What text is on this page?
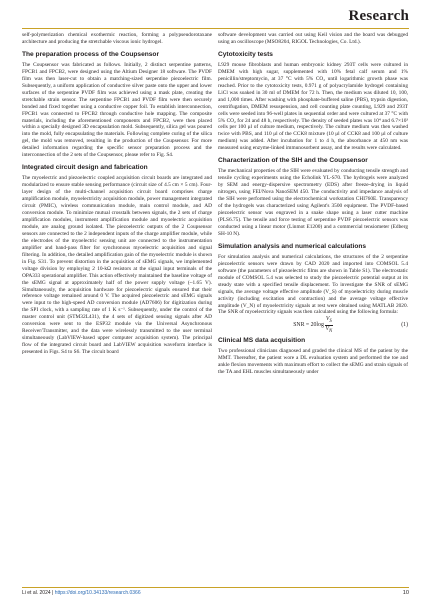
Research

self-polymerization chemical exothermic reaction, forming a polypseudorotaxane architecture and producing the stretchable viscous ionic hydrogel.

The preparation process of the Coupsensor

The Coupsensor was fabricated as follows. Initially, 2 distinct serpentine patterns, FPCB1 and FPCB2, were designed using the Altium Designer 18 software. The PVDF film was then laser-cut to obtain a matching-sized serpentine piezoelectric film. Subsequently, a uniform application of conductive silver paste onto the upper and lower surfaces of the serpentine PVDF film was achieved using a mask plate, creating the stretchable strain sensor. The serpentine FPCB1 and PVDF film were then securely bonded and fixed together using a conductive copper foil. To establish interconnection, FPCB1 was connected to FPCB2 through conductive hole mapping. The composite materials, including the aforementioned components and FPCB2, were then placed within a specially designed 3D encapsulation mold. Subsequently, silica gel was poured into the mold, fully encapsulating the materials. Following complete curing of the silica gel, the mold was removed, resulting in the production of the Coupsensor. For more detailed information regarding the specific sensor preparation process and the interconnection of the 2 sets of the Coupsensor, please refer to Fig. S4.

Integrated circuit design and fabrication

The myoelectric and piezoelectric coupled acquisition circuit boards are integrated and modularized to ensure stable sensing performance (circuit size of 4.5 cm × 5 cm). Four-layer design of the multi-channel acquisition circuit board comprises charge amplification module, myoelectricity acquisition module, power management integrated circuit (PMIC), wireless communication module, main control module, and AD conversion module. To minimize mutual crosstalk between signals, the 2 sets of charge amplification modules, instrument amplification module and myoelectric acquisition module, are analog ground isolated. The piezoelectric outputs of the 2 Coupsensor sensors are connected to the 2 independent inputs of the charge amplifier module, while the electrodes of the myoelectric sensing unit are connected to the instrumentation amplifier and band-pass filter for synchronous myoelectric acquisition and signal filtering. In addition, the detailed amplification gain of the myoelectric module is shown in Fig. S31. To prevent distortion in the acquisition of sEMG signals, we implemented voltage division by employing 2 10-kΩ resistors at the signal input terminals of the OPA333 operational amplifier. This action effectively maintained the baseline voltage of the sEMG signal at approximately half of the power supply voltage (~1.65 V). Simultaneously, the acquisition hardware for piezoelectric signals ensured that their reference voltage remained around 0 V. The acquired piezoelectric and sEMG signals were input to the high-speed AD conversion module (AD7606) for digitization during the SPI clock, with a sampling rate of 1 K s⁻¹. Subsequently, under the control of the master control unit (STM32L431), the 4 sets of digitized sensing signals after AD conversion were sent to the ESP32 module via the Universal Asynchronous Receiver/Transmitter, and the data were wirelessly transmitted to the user terminal simultaneously (LabVIEW-based upper computer acquisition system). The principal flow of the integrated circuit board and LabVIEW acquisition waveform interface is presented in Figs. S4 to S6. The circuit board

software development was carried out using Keil vision and the board was debugged using an oscilloscope (MSO8204, RIGOL Technologies, Co. Ltd.).

Cytotoxicity tests

L929 mouse fibroblasts and human embryonic kidney 293T cells were cultured in DMEM with high sugar, supplemented with 10% fetal calf serum and 1% penicillin/streptomycin, at 37 °C with 5% CO₂ until logarithmic growth phase was reached. Prior to the cytotoxicity tests, 0.971 g of polyacrylamide hydrogel containing LiCl was soaked in 30 ml of DMEM for 72 h. Then, the medium was diluted 10, 100, and 1,000 times. After washing with phosphate-buffered saline (PBS), trypsin digestion, centrifugation, DMEM resuspension, and cell counting plate counting, L929 and 293T cells were seeded into 96-well plates in sequential order and were cultured at 37 °C with 5% CO₂ for 24 and 48 h, respectively. The density of seeded plates was 10⁴ and 6.7×10³ cells per 100 μl of culture medium, respectively. The culture medium was then washed twice with PBS, and 110 μl of the CCK8 mixture (10 μl of CCK8 and 100 μl of culture medium) was added. After incubation for 1 to 4 h, the absorbance at 450 nm was measured using enzyme-linked immunosorbent assay, and the results were calculated.

Characterization of the SIH and the Coupsensor

The mechanical properties of the SIH were evaluated by conducting tensile strength and tensile cycling experiments using the Echolink YL-S70. The hydrogels were analyzed by SEM and energy-dispersive spectrometry (EDS) after freeze-drying in liquid nitrogen, using FEI/Nova NanoSEM 450. The conductivity and impedance analysis of the SIH were performed using the electrochemical workstation CHI760E. Transparency of the hydrogels was characterized using Agilent's 3500 equipment. The PVDF-based piezoelectric sensor was engraved in a snake shape using a laser cutter machine (PLS6.75). The tensile and force testing of serpentine PVDF piezoelectric sensors was conducted using a linear motor (Linmot E1200) and a commercial tensiometer (Edberg SH-10 N).

Simulation analysis and numerical calculations

For simulation analysis and numerical calculations, the structures of the 2 serpentine piezoelectric sensors were drawn by CAD 2020 and imported into COMSOL 5.4 software (the parameters of piezoelectric films are shown in Table S1). The electrostatic module of COMSOL 5.4 was selected to study the piezoelectric potential output at its steady state with a specified tensile displacement. To investigate the SNR of sEMG signals, the average voltage effective amplitude (V_S) of myoelectricity during muscle activity (including excitation and contraction) and the average voltage effective amplitude (V_N) of myoelectricity signals at rest were obtained using MATLAB 2020. The SNR of myoelectricity signals was then calculated using the following formula:

SNR = $20\log \frac{V_S}{V_N}$	(1)
Clinical MS data acquisition

Two professional clinicians diagnosed and graded the clinical MS of the patient by the MMT. Thereafter, the patient wore a DL evaluation system and performed the toe and ankle flexion movements with maximum effort to collect the sEMG and strain signals of the TA and EHL muscles simultaneously under

Li et al. 2024 | https://doi.org/10.34133/research.0366	10
